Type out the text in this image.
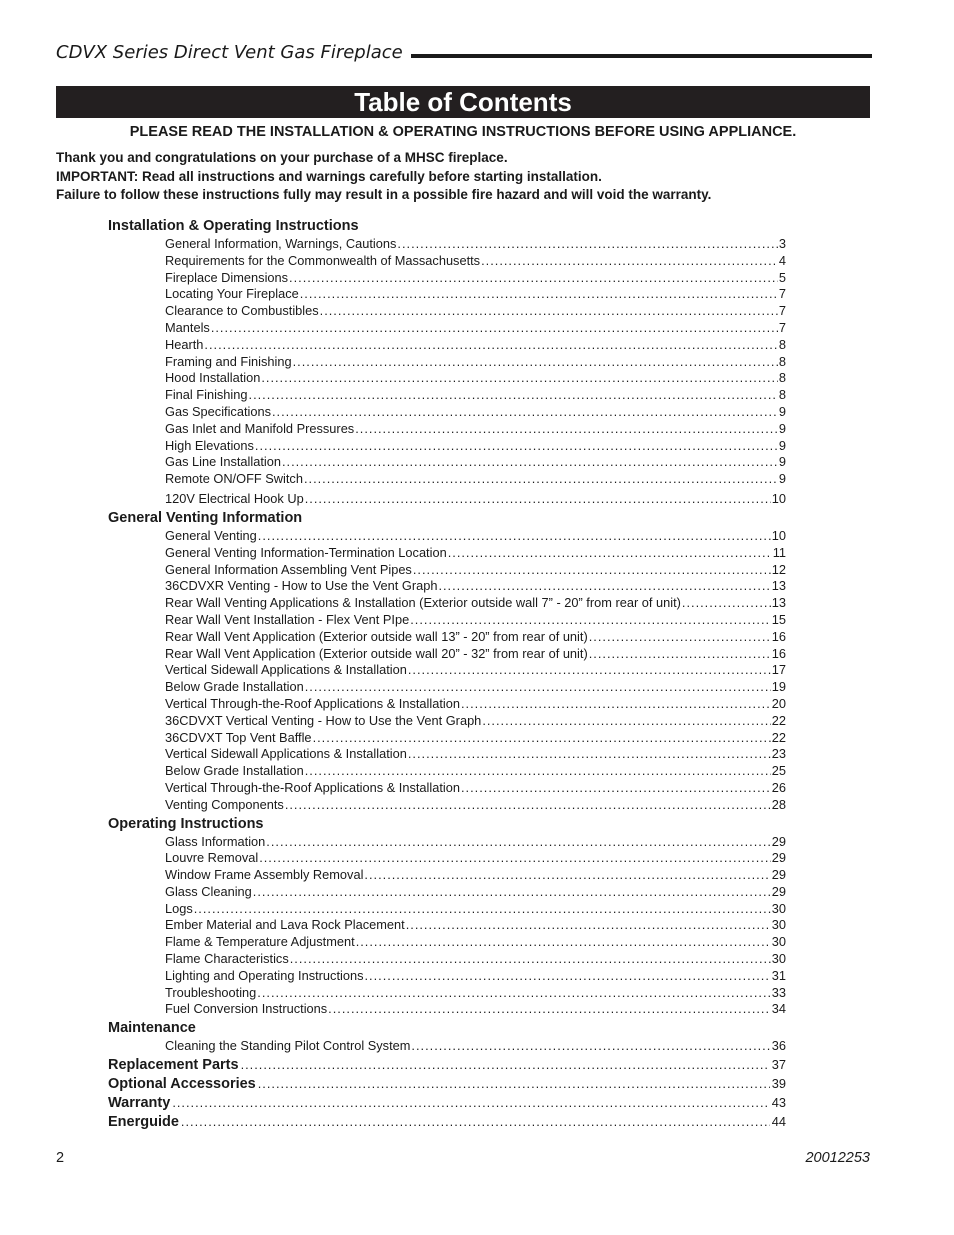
CDVX Series Direct Vent Gas Fireplace
Table of Contents
PLEASE READ THE INSTALLATION & OPERATING INSTRUCTIONS BEFORE USING APPLIANCE.
Thank you and congratulations on your purchase of a MHSC fireplace.
IMPORTANT: Read all instructions and warnings carefully before starting installation.
Failure to follow these instructions fully may result in a possible fire hazard and will void the warranty.
Installation & Operating Instructions
General Information, Warnings, Cautions .....	3
Requirements for the Commonwealth of Massachusetts .....	4
Fireplace Dimensions .....	5
Locating Your Fireplace .....	7
Clearance to Combustibles .....	7
Mantels .....	7
Hearth .....	8
Framing and Finishing .....	8
Hood Installation .....	8
Final Finishing .....	8
Gas Specifications .....	9
Gas Inlet and Manifold Pressures .....	9
High Elevations .....	9
Gas Line Installation .....	9
Remote ON/OFF Switch .....	9
120V Electrical Hook Up .....	10
General Venting Information
General Venting .....	10
General Venting Information-Termination Location .....	11
General Information Assembling Vent Pipes .....	12
36CDVXR Venting - How to Use the Vent Graph .....	13
Rear Wall Venting Applications & Installation (Exterior outside wall 7” - 20” from rear of unit) .....	13
Rear Wall Vent Installation - Flex Vent PIpe .....	15
Rear Wall Vent Application (Exterior outside wall 13” - 20” from rear of unit) .....	16
Rear Wall Vent Application (Exterior outside wall 20” - 32” from rear of unit) .....	16
Vertical Sidewall Applications & Installation .....	17
Below Grade Installation .....	19
Vertical Through-the-Roof Applications & Installation .....	20
36CDVXT Vertical Venting - How to Use the Vent Graph .....	22
36CDVXT Top Vent Baffle .....	22
Vertical Sidewall Applications & Installation .....	23
Below Grade Installation .....	25
Vertical Through-the-Roof Applications & Installation .....	26
Venting Components .....	28
Operating Instructions
Glass Information .....	29
Louvre Removal .....	29
Window Frame Assembly Removal .....	29
Glass Cleaning .....	29
Logs .....	30
Ember Material and Lava Rock Placement .....	30
Flame & Temperature Adjustment .....	30
Flame Characteristics .....	30
Lighting and Operating Instructions .....	31
Troubleshooting .....	33
Fuel Conversion Instructions .....	34
Maintenance
Cleaning the Standing Pilot Control System .....	36
Replacement Parts .....	37
Optional Accessories .....	39
Warranty .....	43
Energuide .....	44
2	20012253
